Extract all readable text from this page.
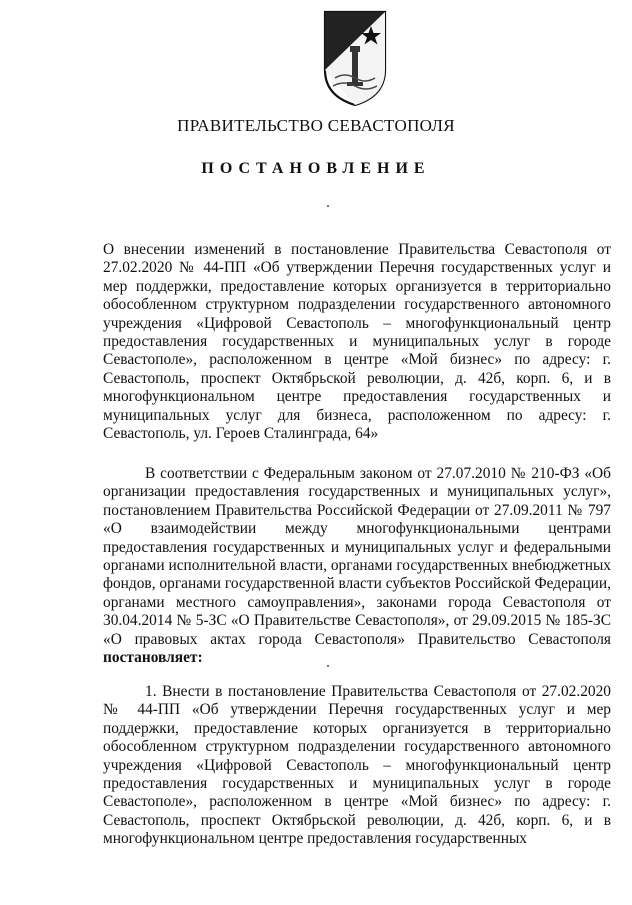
ПРАВИТЕЛЬСТВО СЕВАСТОПОЛЯ
ПОСТАНОВЛЕНИЕ
О внесении изменений в постановление Правительства Севастополя от 27.02.2020 № 44-ПП «Об утверждении Перечня государственных услуг и мер поддержки, предоставление которых организуется в территориально обособленном структурном подразделении государственного автономного учреждения «Цифровой Севастополь – многофункциональный центр предоставления государственных и муниципальных услуг в городе Севастополе», расположенном в центре «Мой бизнес» по адресу: г. Севастополь, проспект Октябрьской революции, д. 42б, корп. 6, и в многофункциональном центре предоставления государственных и муниципальных услуг для бизнеса, расположенном по адресу: г. Севастополь, ул. Героев Сталинграда, 64»
В соответствии с Федеральным законом от 27.07.2010 № 210-ФЗ «Об организации предоставления государственных и муниципальных услуг», постановлением Правительства Российской Федерации от 27.09.2011 № 797 «О взаимодействии между многофункциональными центрами предоставления государственных и муниципальных услуг и федеральными органами исполнительной власти, органами государственных внебюджетных фондов, органами государственной власти субъектов Российской Федерации, органами местного самоуправления», законами города Севастополя от 30.04.2014 № 5-ЗС «О Правительстве Севастополя», от 29.09.2015 № 185-ЗС «О правовых актах города Севастополя» Правительство Севастополя постановляет:
1. Внести в постановление Правительства Севастополя от 27.02.2020 № 44-ПП «Об утверждении Перечня государственных услуг и мер поддержки, предоставление которых организуется в территориально обособленном структурном подразделении государственного автономного учреждения «Цифровой Севастополь – многофункциональный центр предоставления государственных и муниципальных услуг в городе Севастополе», расположенном в центре «Мой бизнес» по адресу: г. Севастополь, проспект Октябрьской революции, д. 42б, корп. 6, и в многофункциональном центре предоставления государственных
